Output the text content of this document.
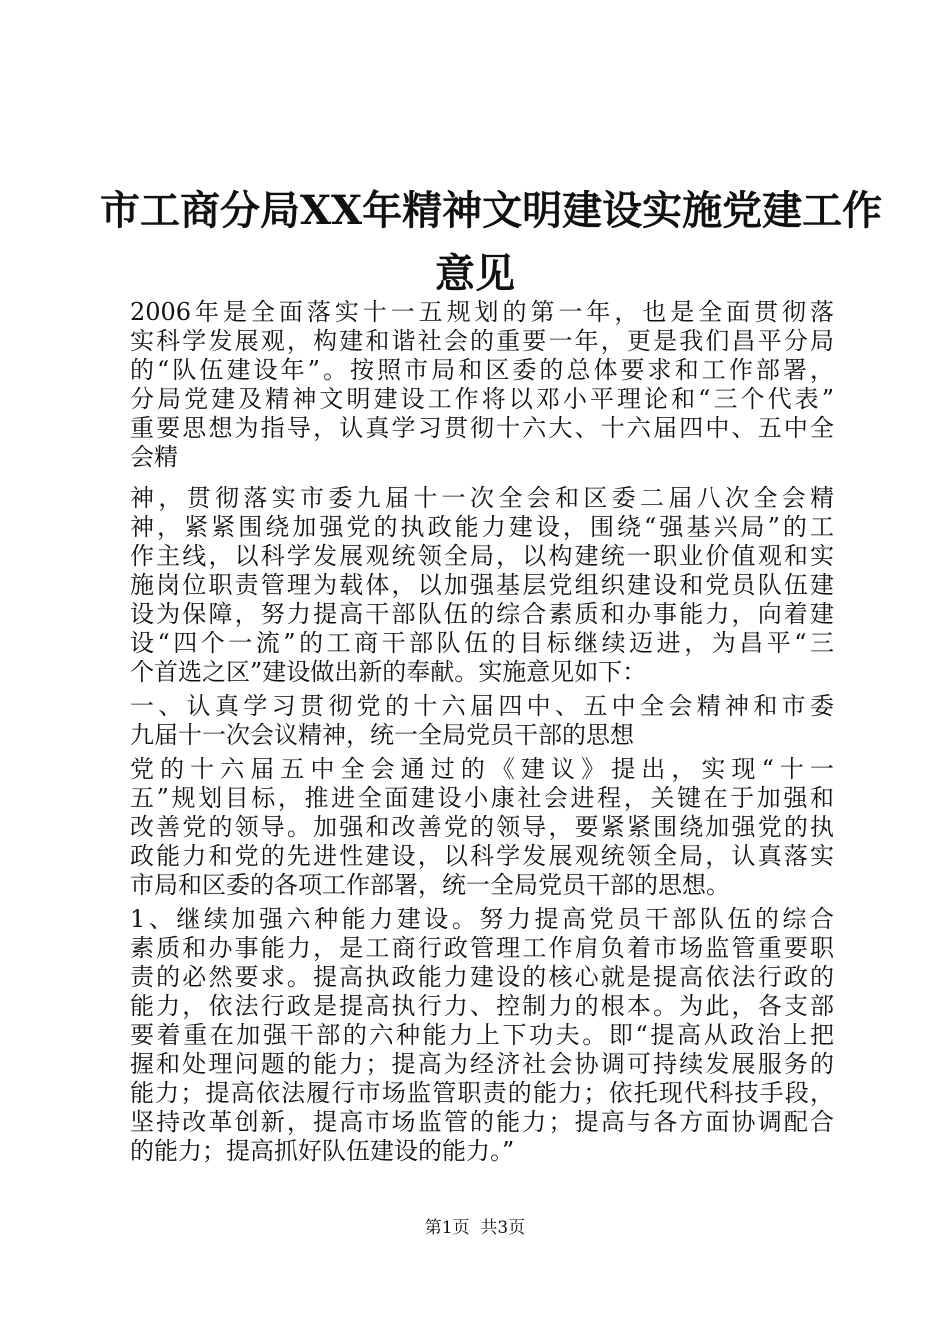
市工商分局XX年精神文明建设实施党建工作
意见
2006年是全面落实十一五规划的第一年，也是全面贯彻落
实科学发展观，构建和谐社会的重要一年，更是我们昌平分局
的“队伍建设年”。按照市局和区委的总体要求和工作部署，
分局党建及精神文明建设工作将以邓小平理论和“三个代表”
重要思想为指导，认真学习贯彻十六大、十六届四中、五中全
会精
神，贯彻落实市委九届十一次全会和区委二届八次全会精
神，紧紧围绕加强党的执政能力建设，围绕“强基兴局”的工
作主线，以科学发展观统领全局，以构建统一职业价值观和实
施岗位职责管理为载体，以加强基层党组织建设和党员队伍建
设为保障，努力提高干部队伍的综合素质和办事能力，向着建
设“四个一流”的工商干部队伍的目标继续迈进，为昌平“三
个首选之区”建设做出新的奉献。实施意见如下：
一、认真学习贯彻党的十六届四中、五中全会精神和市委
九届十一次会议精神，统一全局党员干部的思想
党的十六届五中全会通过的《建议》提出，实现“十一
五”规划目标，推进全面建设小康社会进程，关键在于加强和
改善党的领导。加强和改善党的领导，要紧紧围绕加强党的执
政能力和党的先进性建设，以科学发展观统领全局，认真落实
市局和区委的各项工作部署，统一全局党员干部的思想。
1、继续加强六种能力建设。努力提高党员干部队伍的综合
素质和办事能力，是工商行政管理工作肩负着市场监管重要职
责的必然要求。提高执政能力建设的核心就是提高依法行政的
能力，依法行政是提高执行力、控制力的根本。为此，各支部
要着重在加强干部的六种能力上下功夫。即“提高从政治上把
握和处理问题的能力；提高为经济社会协调可持续发展服务的
能力；提高依法履行市场监管职责的能力；依托现代科技手段，
坚持改革创新，提高市场监管的能力；提高与各方面协调配合
的能力；提高抓好队伍建设的能力。”
第1页  共3页
